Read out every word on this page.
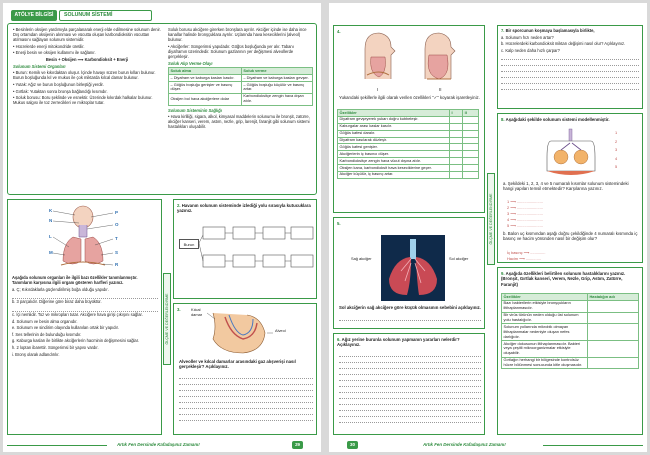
ATÖLYE BİLGİSİ	SOLUNUM SİSTEMİ

• Besinlerin oksijen yardımıyla parçalanarak enerji elde edilmesine solunum denir. Dış ortamdan oksijenin alınması ve vücutta oluşan karbondioksitin vücuttan atılmasını sağlayan solunum sistemidir.

• Hücrelerde enerji mitokondride üretilir.

• Enerji besin ve oksijen kullanımı ile sağlanır.

Besin + Oksijen ⟶ Karbondioksit + Enerji

Solunum Sistemi Organları

• Burun: Kemik ve kıkırdaktan oluşur. İçinde havayı süzen burun kılları bulunur. Burun boşluğunda kıl ve mukus ile çok miktarda kılcal damar bulunur.

• Yutak: Ağız ve burun boşluğunun birleştiği yerdir.

• Gırtlak: Yutaktan sonra bronşa bağlandığı kısımdır.

• Soluk borusu: Boru şeklinde ve esnektir. Üzerinde kıkırdak halkalar bulunur. Mukus salgısı ile toz zerrecikleri ve mikroplar tutar.

Soluk borusu akciğere girerken bronşlara ayrılır. Akciğer içinde ise daha ince kanallar halinde bronşçuklara ayrılır. Uçlarında hava keseciklerini (alveol) bulunur.

• Akciğerler: Süngerimsi yapıdadır. Göğüs boşluğunda yer alır. Tabanı diyaframın üzerindedir. Solunum gazlarının yer değişmesi alveollerde gerçekleşir.

Soluk Alıp Verme Olayı
Soluk alma	Soluk verme
– Diyafram ve kaburga kasları kasılır.	– Diyafram ve kaburga kasları gevşer.
– Göğüs boşluğu genişler ve basınç düşer.	– Göğüs boşluğu küçülür ve basınç artar.
Oksijen bol hava akciğerlere dolar	Karbondioksitçe zengin hava dışarı atılır.
Solunum Sisteminin Sağlığı

• Hava kirliliği, sigara, alkol, kimyasal maddelerin solunumu ile bronşit, zatürre, akciğer kanseri, verem, astım, nezle, grip, larenjit, faranjit gibi solunum sistemi hastalıkları oluşabilir.

K
N
L
M
P
O
T
S
R

Aşağıda solunum organları ile ilgili bazı özellikler tanımlanmıştır. Tanımların karşısına ilgili organı gösteren harfleri yazınız.

a. Ç; Kıkırdaklarla güçlendirilmiş boğa olduğu yapıdır.

b. 3 parçalıdır. Diğerine göre biraz daha büyüktür.

c. İçi nemlidir. Toz ve mikropları tutar. Akciğere hava girişi çıkışını sağlar.

d. Solunum ve besin alma organıdır.

e. Solunum ve sindirim olayında kullanılan ortak bir yapıdır.

f. Ses tellerinin de bulunduğu kısımdır.

g. Kaburga kasları ile birlikte akciğerlerin hacminin değişmesini sağlar.

h. 2 loptan ibarettir. Süngerimsi bir yapısı vardır.

i. Bronş olarak adlandırılır.

ÖLÇME VE DEĞERLENDİRME
2. Havanın solunum sisteminde izlediği yolu sırasıyla kutucuklara yazınız.
Burun
3.	Kılcal damar
Alveol
Alveoller ve kılcal damarlar arasındaki gaz alışverişi nasıl gerçekleşir? Açıklayınız.
Artık Fen Dersinde Kafadaşınız Zamanı!	29
4.
I	II
Yukarıdaki şekillerle ilgili olarak verilen özellikleri "✓" koyarak işaretleyiniz.
Özellikler	I	II
Diyafram gevşeyerek yukarı doğru kubbeleşir.		
Kaburgalar arası kaslar kasılır.		
Göğüs kafesi daralır.		
Diyafram kasılarak düzleşir.		
Göğüs kafesi genişler.		
Akciğerlerin iç basıncı düşer.		
Karbondioksitçe zengin hava vücut dışına atılır.		
Oksijen kana, karbondioksit hava keseciklerine geçer.		
Akciğer küçülür, iç basınç artar.		
5.
Sağ akciğer	Sol akciğer
Sol akciğerin sağ akciğere göre küçük olmasının sebebini açıklayınız.
6. Ağız yerine burunla solunum yapmanın yararları nelerdir? Açıklayınız.
ÖLÇME VE DEĞERLENDİRME

7. Bir sporcunun koşmaya başlamasıyla birlikte,

a. Solunum hızı neden artar?

b. Hücrelerdeki karbondioksit miktarı değişimi nasıl olur? Açıklayınız.

c. Kalp neden daha hızlı çarpar?

8. Aşağıdaki şekilde solunum sistemi modellenmiştir.
1
2
3
4
5
a. Şekildeki 1, 2, 3, 4 ve 5 numaralı kısımlar solunum sistemindeki hangi yapıları temsil etmektedir? Karşılarına yazınız.
1 ⟶ ........................
2 ⟶ ........................
3 ⟶ ........................
4 ⟶ ........................
5 ⟶ ........................
b. Balon uç kısmından aşağı doğru çekildiğinde 4 numaralı kısmında iç basınç ve hacim yönünden nasıl bir değişim olur?
İç basınç ⟶ ..............
Hacim ⟶ ..............
9. Aşağıda özellikleri belirtilen solunum hastalıklarını yazınız. (Bronşit, Gırtlak kanseri, Verem, Nezle, Grip, Astım, Zatürre, Faranjit)
Özellikler	Hastalığın adı
Bazı bakterilerin etkisiyle bronşçukların iltihaplanmasıdır.	
Bir virüs türünün neden olduğu üst solunum yolu hastalığıdır.	
Solunum yollarında mikrobik olmayan iltihaplanmalar nedeniyle oluşan nefes darlığıdır.	
Akciğer dokusunun iltihaplanmasıdır. Bakteri veya çeşitli mikroorganizmalar etkisiyle oluşabilir.	
Gırtlağın herhangi bir bölgesinde kontrolsüz hücre bölünmesi sonucunda kitle oluşmasıdır.	
30	Artık Fen Dersinde Kafadaşınız Zamanı!
